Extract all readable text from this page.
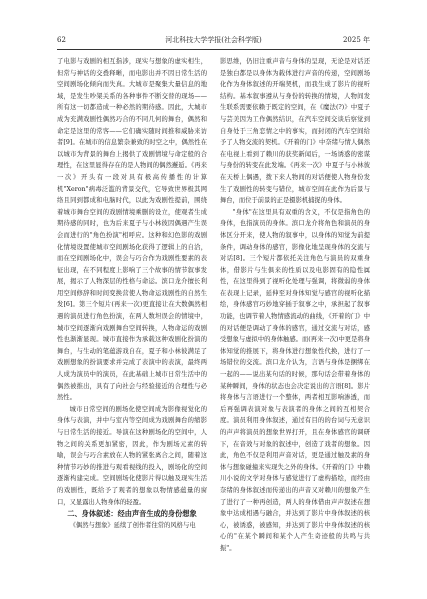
62	河北科技大学学报(社会科学版)	2025 年

了电影与戏剧的相互指涉，现实与想象的虚实相生，但常与神话的交叠释晰，而电影出并不因日常生活的空间剧场化倾向而失真。大城市是聚集大量信息的地域，是发生吵架关系的各种事件不断交替的现场——所有这一切都造成一种必然的期待感。因此，大城市成为充满戏剧性偶然巧合的不同几何的舞台，偶然和命定是这里的常客——它们确实随时间推和威胁来访者[9]。在城市的信息繁杂兼致的时空之中，偶然性在以城市为背景的舞台上揭供了戏剧情境与命定般的合理性，在这里显得存在的是人物间的偶然邂逅。《再来一次》开头有一段对具有极高传播性的计算机"Xeron"病毒泛滥的背景交代，它导致世界极其网络且同到都成和电脑时代，以此为戏剧性提前，围绕着城市舞台空间的戏剧情境乘删的设立，使观者生成期待感的同时，也为后来夏子与小林彼因偶遇产生误会而进行的"角色扮演"相呼应。这种和幻色影的戏剧化情境设置使城市空间剧场化获得了逻辑上的自洽，而在空间剧场化中，误会与巧合作为戏剧性要素的表征出现，在不同程度上影响了三个故事的情节叙事发展，揭示了人物深层的性格与命运。滨口龙介擅长利用空间修辞和时间变换营使人物命运戏剧性的自然生发[6]。第三个短片(再来一次)更直接让在大数偶然相遇的演员进行角色扮演，在两人数坦误会的情境中，城市空间逐渐向戏剧舞台空间转换，人物命运的戏剧性也渐渐显现。城市直接作为承载这种戏剧化扮演的舞台，与生动的笔蕴游戏自在，夏子和小林彼满足了戏剧想象的扮演要求并完成了表演中的表演，最终两人成为演员中的演员，在此基础上城市日常生活中的偶然被推出，具有了向社会与经验接近的合理性与必然性。

城市日常空间的剧场化使空间成为影像视觉化的身体与表演，并中与室内等空间成为戏剧舞台的缩影与日常生活的接近。导演在这种剧场化的空间中，人物之间的关系更加紧密，因此，作为剧场元素的转喻，误会与巧合素放在人物的紧张离合之间，随着这种情节巧妙的推进与观看视线的投入，剧场化的空间逐渐构建完成。空间剧场化使影片得以触及现实生活的戏剧性，既给予了观者的想象以物情感蕴量的窗口，又显露出人物身体的轻盈。

二、身体叙述：经由声音生成的身份想象

《偶然与想象》延续了创作者往常的风格与电

影思维，仍旧注重声音与身体的呈现，无论是对话还是独白都是以身体为载体进行声音的传递，空间剧场化作为身体叙述的开端契机，而我生成了影片的视听结构。基本叙事遵从与身份的转换的情境，人物间发生联系需要依赖于既定的空间，在《魔法(?)》中夏子与芸美因为工作偶然结识，在汽车空间交谈后察觉到自身处于三角恋情之中的事实，而封闭的汽车空间给予了人物交流的契机。《开着的门》中奈绪与情人偶然在电视上看到了赖川的获奖新闻后，一场诱惑的密谋与身份的转变在此发端。《再来一次》中夏子与小林彼在天桥上偶遇，拨下来人物间的对话便使人物身份发生了戏剧性的转变与错位，城市空间在此作为后景与舞台，而位于前景的正是摄影机捕捉的身体。

"身体"在这里具有双重的含义，不仅是指角色的身体，也指演员的身体。滨口龙介将角色和演员的身体区分开来，使人物的叙事中，以身体的知觉为前提条件，调动身体的感官，影像化地呈现身体的交流与对话[8]。三个短片都依托关注角色与演员的双重身体，借影片与生俱来的性质以及电影固有的隐性属性，在这里得到了视听化处理与强调，将微弱的身体在表现上记录，延伸至对身体知觉与感官的视听化描绘，身体感官巧妙地穿插于叙事之中，承担起了叙事功能，也调节着人物情感流动的曲线，《开着的门》中的对话便是调动了身体的感官，通过交流与对话，感受想象与虚拟中的身体触感。而(再来一次)中更是将身体知觉的推展下，将身体进行想象性代换，进行了一场错位的交流。滨口龙介认为，言语与身体是捆绑在一起的——说出某句话的时候，那句话会带着身体的某种瞬间，身体的状态也会决定说出的言语[8]。影片将身体与言语进行一个整体，两者相互影响渗透，而后再强调表演对象与表演者的身体之间的互相契合度。演员利用身体叙述，通过有目的的台词与无意识的声声将演员的想象世界打开，且在身体感官的调研下，在音效与对象的叙述中，创造了戏者的想象。因此，角色不仅是利用声音对话，更是通过触及素的身体与想象碰撞来实现失之外的身体。《开着的门》中赖川小说的文学对身体与感觉进行了虚构描绘，而经由奈绪的身体叙述而传递出的声音又对赖川的想象产生了进行了一种再创造，两人的身体借由声声叙述在想象中达成相遇与融合，并达到了影片中身体叙述的核心，被诱惑，被感知，并达到了影片中身体叙述的核心的"在某个瞬间和某个人产生奇迹般的共鸣与共振"。
